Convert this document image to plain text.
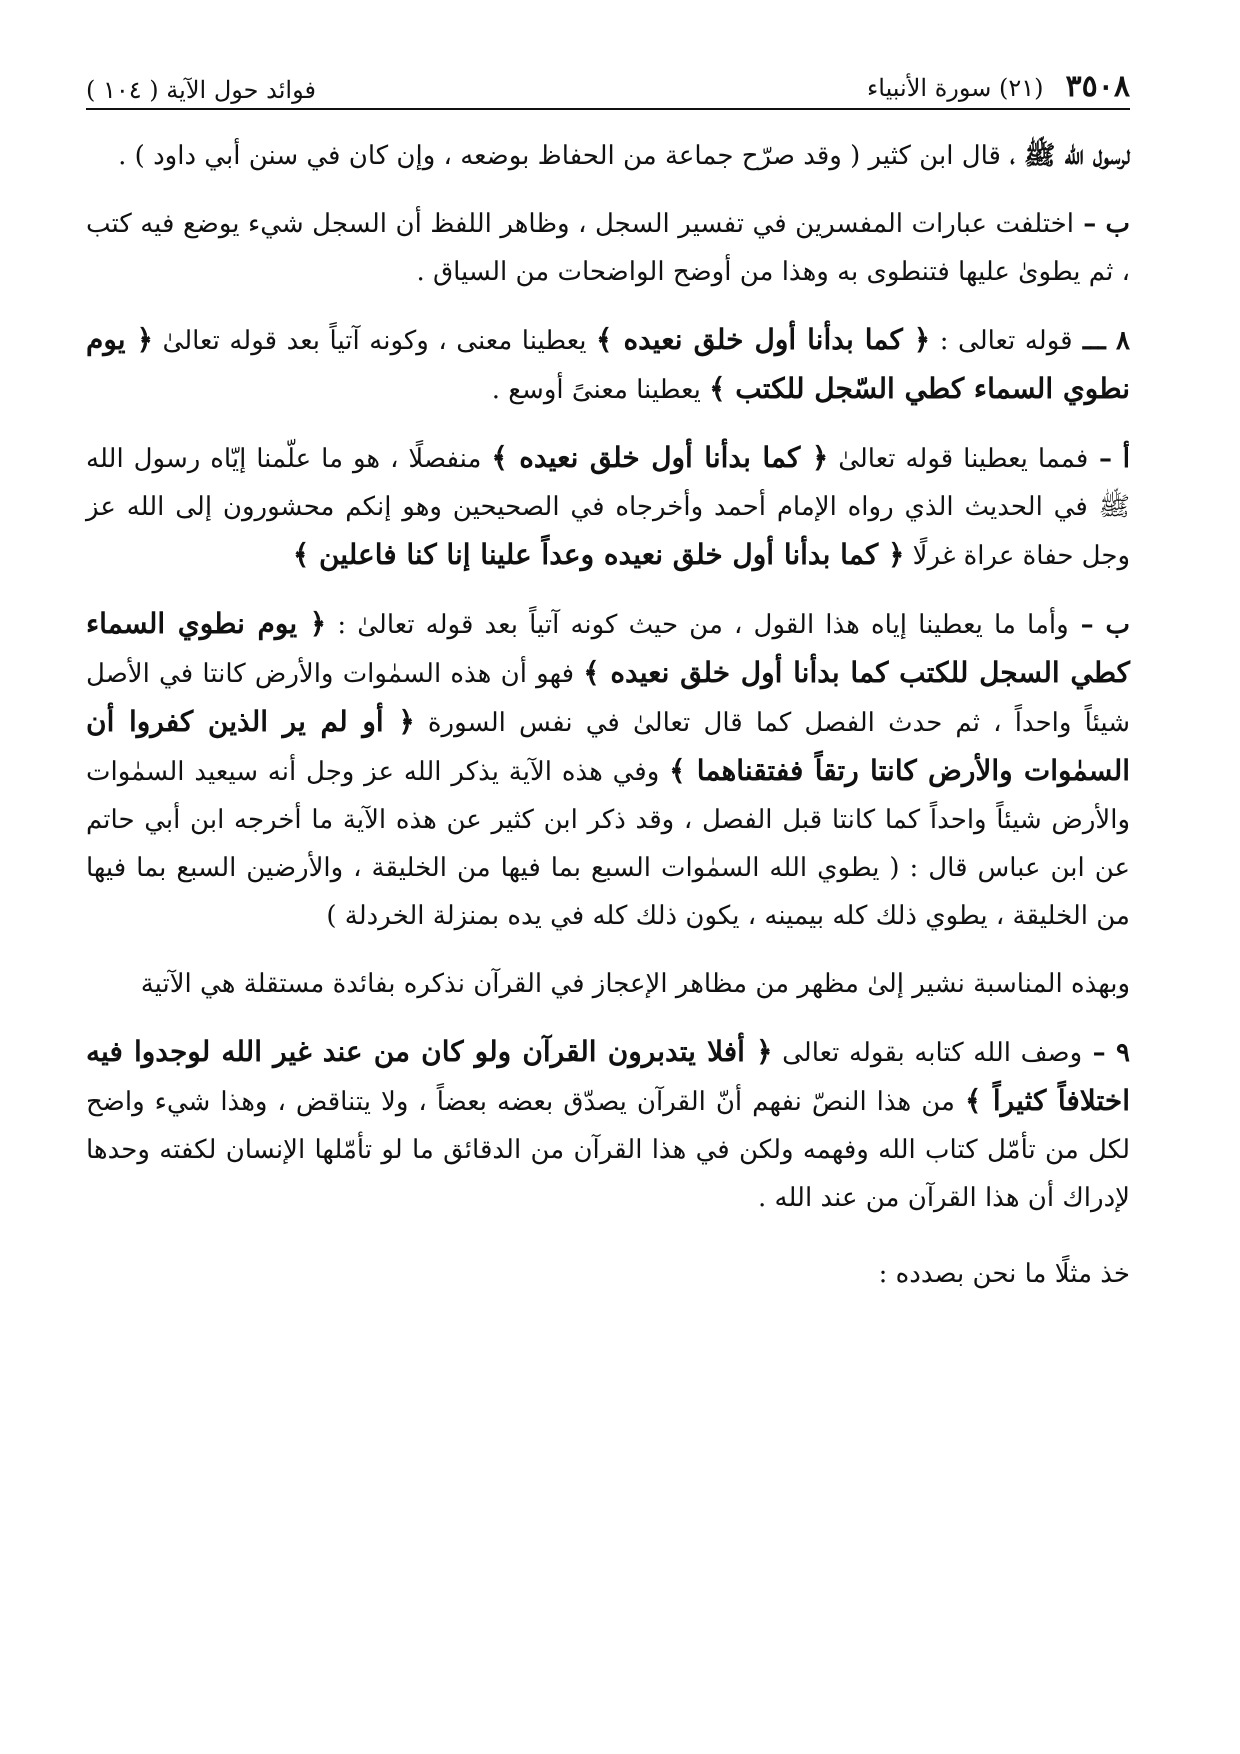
٣٥٠٨
(٢١) سورة الأنبياء
فوائد حول الآية ( ١٠٤ )

لرسول الله ﷺ ، قال ابن كثير ( وقد صرّح جماعة من الحفاظ بوضعه ، وإن كان في سنن أبي داود ) .

ب – اختلفت عبارات المفسرين في تفسير السجل ، وظاهر اللفظ أن السجل شيء يوضع فيه كتب ، ثم يطوىٰ عليها فتنطوى به وهذا من أوضح الواضحات من السياق .

٨ ـــ قوله تعالى : ﴿ كما بدأنا أول خلق نعيده ﴾ يعطينا معنى ، وكونه آتياً بعد قوله تعالىٰ ﴿ يوم نطوي السماء كطي السّجل للكتب ﴾ يعطينا معنىً أوسع .

أ – فمما يعطينا قوله تعالىٰ ﴿ كما بدأنا أول خلق نعيده ﴾ منفصلًا ، هو ما علّمنا إيّاه رسول الله ﷺ في الحديث الذي رواه الإمام أحمد وأخرجاه في الصحيحين وهو إنكم محشورون إلى الله عز وجل حفاة عراة غرلًا ﴿ كما بدأنا أول خلق نعيده وعداً علينا إنا كنا فاعلين ﴾

ب – وأما ما يعطينا إياه هذا القول ، من حيث كونه آتياً بعد قوله تعالىٰ : ﴿ يوم نطوي السماء كطي السجل للكتب كما بدأنا أول خلق نعيده ﴾ فهو أن هذه السمٰوات والأرض كانتا في الأصل شيئاً واحداً ، ثم حدث الفصل كما قال تعالىٰ في نفس السورة ﴿ أو لم ير الذين كفروا أن السمٰوات والأرض كانتا رتقاً ففتقناهما ﴾ وفي هذه الآية يذكر الله عز وجل أنه سيعيد السمٰوات والأرض شيئاً واحداً كما كانتا قبل الفصل ، وقد ذكر ابن كثير عن هذه الآية ما أخرجه ابن أبي حاتم عن ابن عباس قال : ( يطوي الله السمٰوات السبع بما فيها من الخليقة ، والأرضين السبع بما فيها من الخليقة ، يطوي ذلك كله بيمينه ، يكون ذلك كله في يده بمنزلة الخردلة )

وبهذه المناسبة نشير إلىٰ مظهر من مظاهر الإعجاز في القرآن نذكره بفائدة مستقلة هي الآتية

٩ – وصف الله كتابه بقوله تعالى ﴿ أفلا يتدبرون القرآن ولو كان من عند غير الله لوجدوا فيه اختلافاً كثيراً ﴾ من هذا النصّ نفهم أنّ القرآن يصدّق بعضه بعضاً ، ولا يتناقض ، وهذا شيء واضح لكل من تأمّل كتاب الله وفهمه ولكن في هذا القرآن من الدقائق ما لو تأمّلها الإنسان لكفته وحدها لإدراك أن هذا القرآن من عند الله .

خذ مثلًا ما نحن بصدده :
